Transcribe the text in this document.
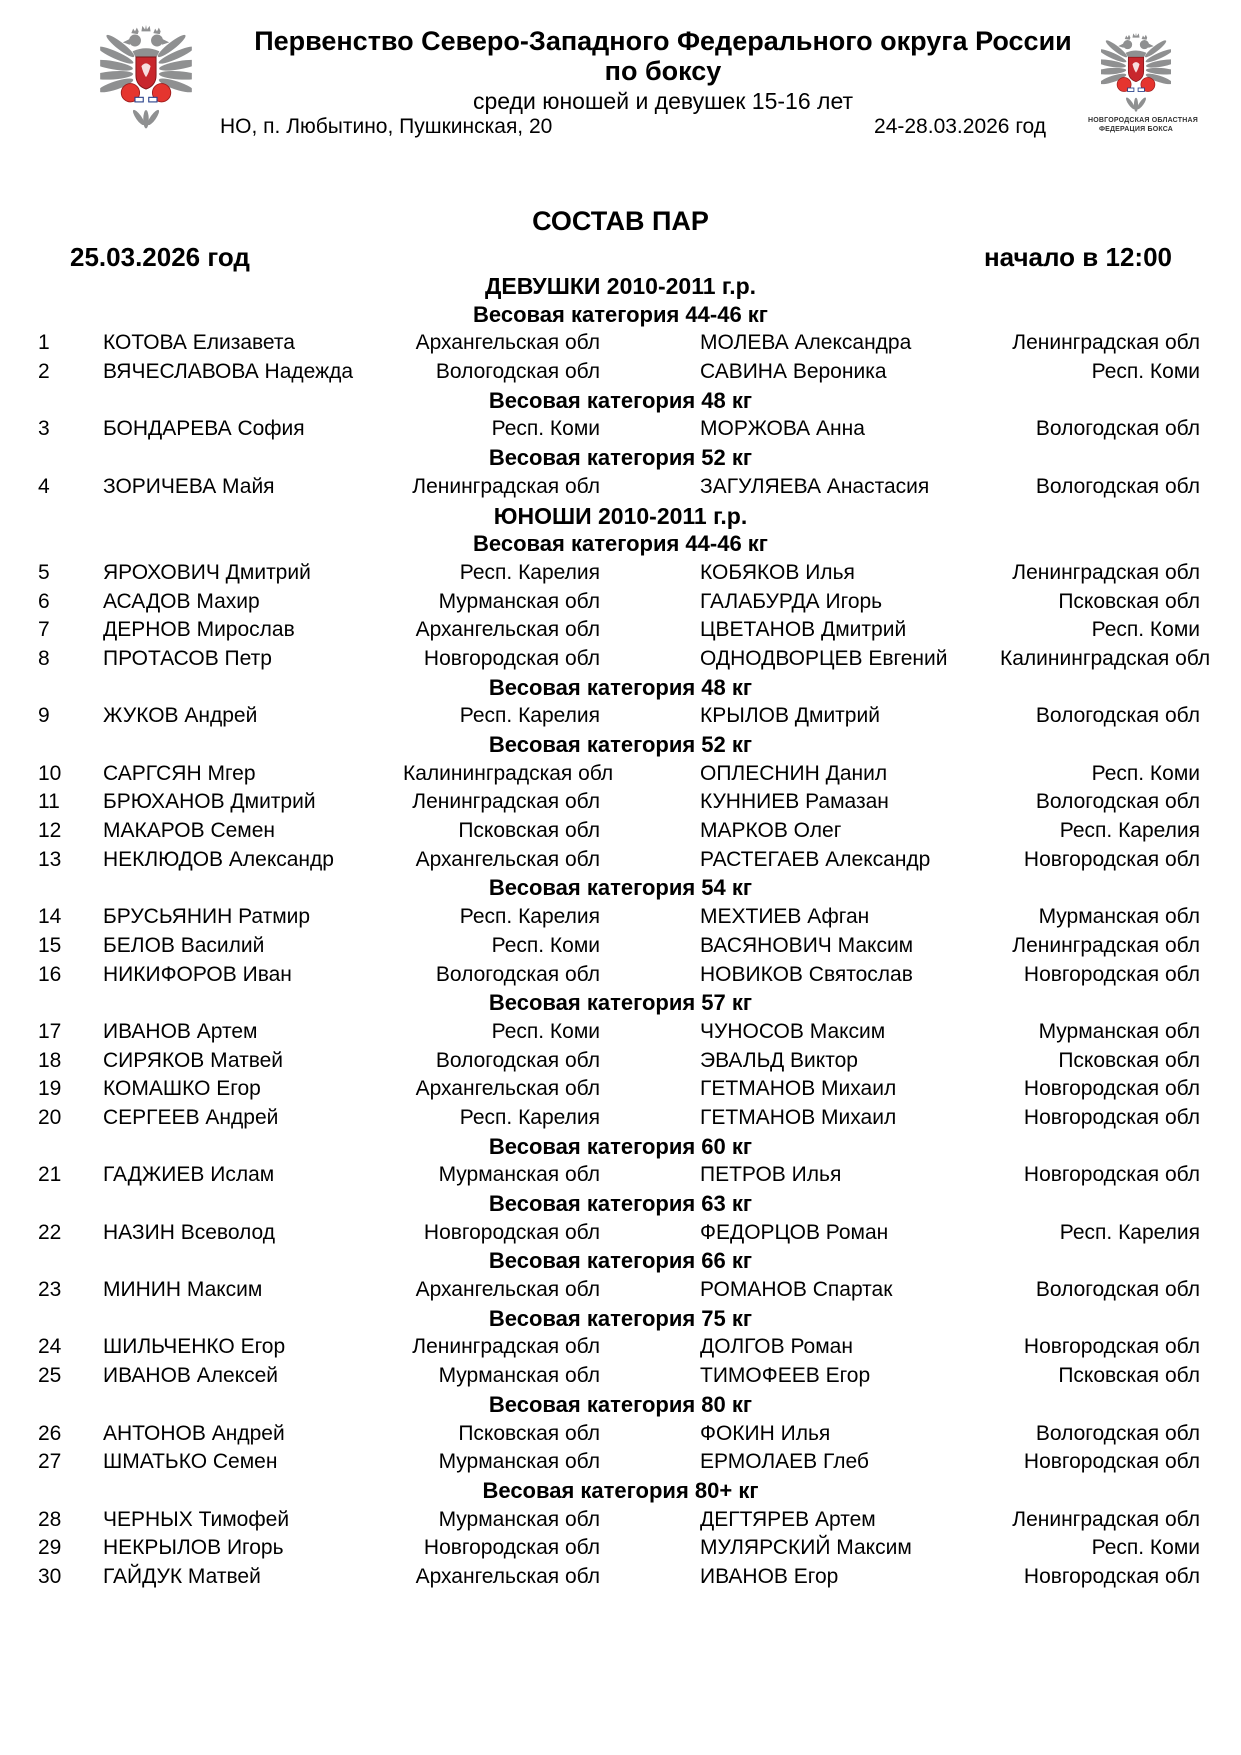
НОВГОРОДСКАЯ ОБЛАСТНАЯ
ФЕДЕРАЦИЯ БОКСА
Первенство Северо-Западного Федерального округа России
по боксу
среди юношей и девушек 15-16 лет
НО, п. Любытино, Пушкинская, 20	24-28.03.2026 год
СОСТАВ ПАР
25.03.2026 год	начало в 12:00
ДЕВУШКИ 2010-2011 г.р.
Весовая категория 44-46 кг
1	КОТОВА Елизавета	Архангельская обл	МОЛЕВА Александра	Ленинградская обл
2	ВЯЧЕСЛАВОВА Надежда	Вологодская обл	САВИНА Вероника	Респ. Коми
Весовая категория 48 кг
3	БОНДАРЕВА София	Респ. Коми	МОРЖОВА Анна	Вологодская обл
Весовая категория 52 кг
4	ЗОРИЧЕВА Майя	Ленинградская обл	ЗАГУЛЯЕВА Анастасия	Вологодская обл
ЮНОШИ 2010-2011 г.р.
Весовая категория 44-46 кг
5	ЯРОХОВИЧ Дмитрий	Респ. Карелия	КОБЯКОВ Илья	Ленинградская обл
6	АСАДОВ Махир	Мурманская обл	ГАЛАБУРДА Игорь	Псковская обл
7	ДЕРНОВ Мирослав	Архангельская обл	ЦВЕТАНОВ Дмитрий	Респ. Коми
8	ПРОТАСОВ Петр	Новгородская обл	ОДНОДВОРЦЕВ Евгений	Калининградская обл
Весовая категория 48 кг
9	ЖУКОВ Андрей	Респ. Карелия	КРЫЛОВ Дмитрий	Вологодская обл
Весовая категория 52 кг
10	САРГСЯН Мгер	Калининградская обл	ОПЛЕСНИН Данил	Респ. Коми
11	БРЮХАНОВ Дмитрий	Ленинградская обл	КУННИЕВ Рамазан	Вологодская обл
12	МАКАРОВ Семен	Псковская обл	МАРКОВ Олег	Респ. Карелия
13	НЕКЛЮДОВ Александр	Архангельская обл	РАСТЕГАЕВ Александр	Новгородская обл
Весовая категория 54 кг
14	БРУСЬЯНИН Ратмир	Респ. Карелия	МЕХТИЕВ Афган	Мурманская обл
15	БЕЛОВ Василий	Респ. Коми	ВАСЯНОВИЧ Максим	Ленинградская обл
16	НИКИФОРОВ Иван	Вологодская обл	НОВИКОВ Святослав	Новгородская обл
Весовая категория 57 кг
17	ИВАНОВ Артем	Респ. Коми	ЧУНОСОВ Максим	Мурманская обл
18	СИРЯКОВ Матвей	Вологодская обл	ЭВАЛЬД Виктор	Псковская обл
19	КОМАШКО Егор	Архангельская обл	ГЕТМАНОВ Михаил	Новгородская обл
20	СЕРГЕЕВ Андрей	Респ. Карелия	ГЕТМАНОВ Михаил	Новгородская обл
Весовая категория 60 кг
21	ГАДЖИЕВ Ислам	Мурманская обл	ПЕТРОВ Илья	Новгородская обл
Весовая категория 63 кг
22	НАЗИН Всеволод	Новгородская обл	ФЕДОРЦОВ Роман	Респ. Карелия
Весовая категория 66 кг
23	МИНИН Максим	Архангельская обл	РОМАНОВ Спартак	Вологодская обл
Весовая категория 75 кг
24	ШИЛЬЧЕНКО Егор	Ленинградская обл	ДОЛГОВ Роман	Новгородская обл
25	ИВАНОВ Алексей	Мурманская обл	ТИМОФЕЕВ Егор	Псковская обл
Весовая категория 80 кг
26	АНТОНОВ Андрей	Псковская обл	ФОКИН Илья	Вологодская обл
27	ШМАТЬКО Семен	Мурманская обл	ЕРМОЛАЕВ Глеб	Новгородская обл
Весовая категория 80+ кг
28	ЧЕРНЫХ Тимофей	Мурманская обл	ДЕГТЯРЕВ Артем	Ленинградская обл
29	НЕКРЫЛОВ Игорь	Новгородская обл	МУЛЯРСКИЙ Максим	Респ. Коми
30	ГАЙДУК Матвей	Архангельская обл	ИВАНОВ Егор	Новгородская обл
